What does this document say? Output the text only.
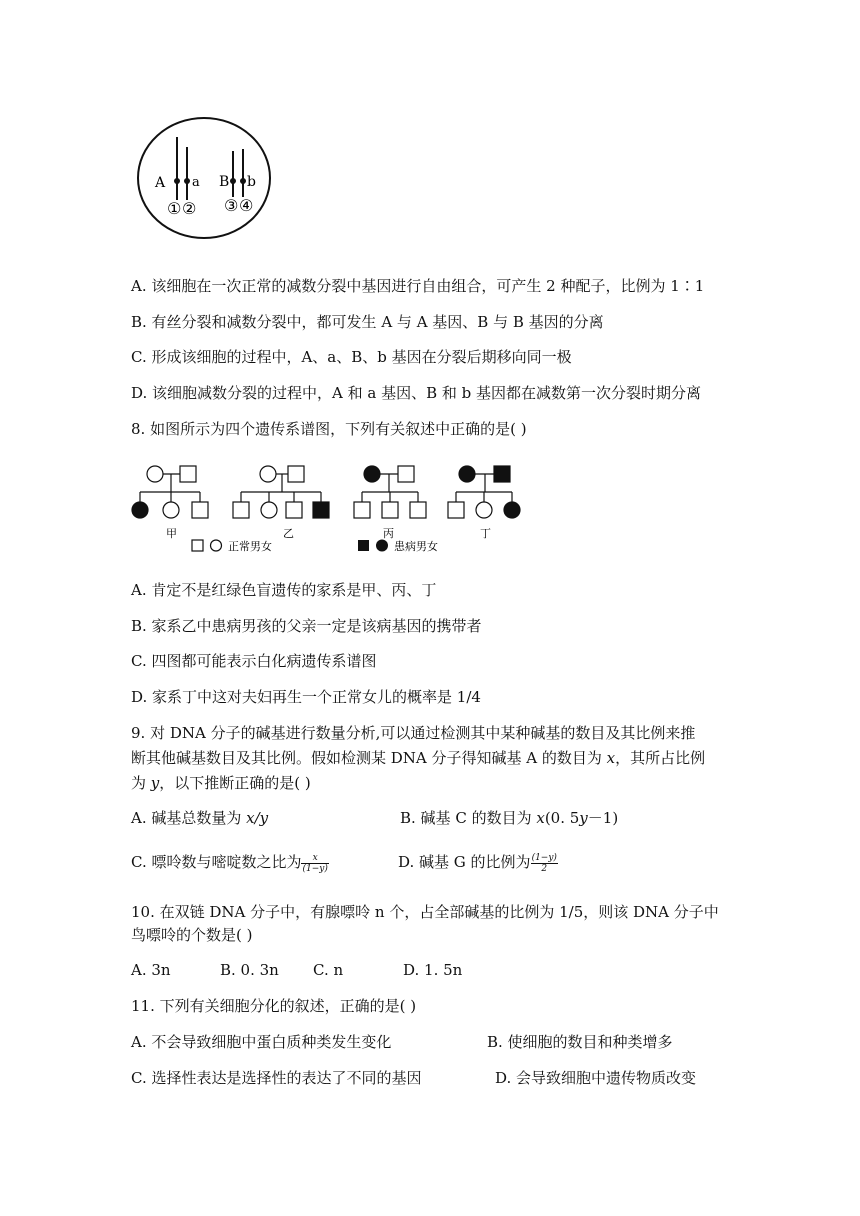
A a B b
① ② ③ ④
A. 该细胞在一次正常的减数分裂中基因进行自由组合，可产生 2 种配子，比例为 1∶1
B. 有丝分裂和减数分裂中，都可发生 A 与 A 基因、B 与 B 基因的分离
C. 形成该细胞的过程中，A、a、B、b 基因在分裂后期移向同一极
D. 该细胞减数分裂的过程中，A 和 a 基因、B 和 b 基因都在减数第一次分裂时期分离
8. 如图所示为四个遗传系谱图，下列有关叙述中正确的是( )
甲	乙	丙	丁
正常男女	患病男女
A. 肯定不是红绿色盲遗传的家系是甲、丙、丁
B. 家系乙中患病男孩的父亲一定是该病基因的携带者
C. 四图都可能表示白化病遗传系谱图
D. 家系丁中这对夫妇再生一个正常女儿的概率是 1/4
9. 对 DNA 分子的碱基进行数量分析,可以通过检测其中某种碱基的数目及其比例来推
断其他碱基数目及其比例。假如检测某 DNA 分子得知碱基 A 的数目为 x，其所占比例
为 y，以下推断正确的是( )
A. 碱基总数量为 x/y	B. 碱基 C 的数目为 x(0. 5y－1)
C. 嘌呤数与嘧啶数之比为 $\frac{x}{(1-y)}$	D. 碱基 G 的比例为 $\frac{(1-y)}{2}$
10. 在双链 DNA 分子中，有腺嘌呤 n 个，占全部碱基的比例为 1/5，则该 DNA 分子中
鸟嘌呤的个数是( )
A. 3n	B. 0. 3n C. n	D. 1. 5n
11. 下列有关细胞分化的叙述，正确的是( )
A. 不会导致细胞中蛋白质种类发生变化	B. 使细胞的数目和种类增多
C. 选择性表达是选择性的表达了不同的基因	D. 会导致细胞中遗传物质改变
